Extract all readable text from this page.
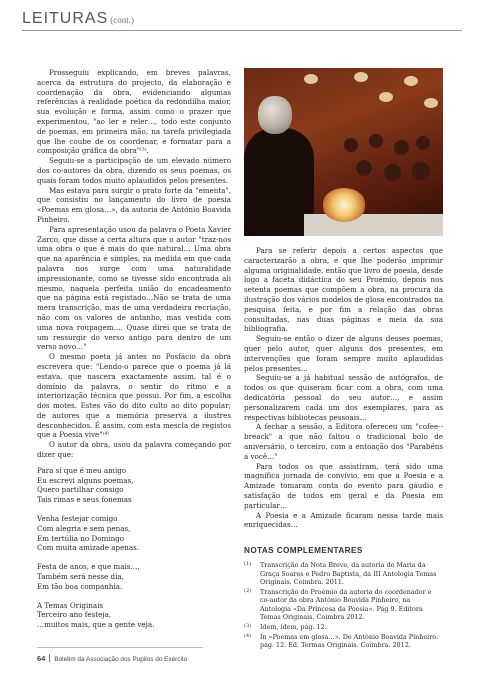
LEITURAS (cont.)

Prosseguiu explicando, em breves palavras, acerca da estrutura do projecto, da elaboração e coordenação da obra, evidenciando algumas referências à realidade poética da redondilha maior, sua evolução e forma, assim como o prazer que experimentou, "ao ler e reler…, todo este conjunto de poemas, em primeira mão, na tarefa privilegiada que lhe coube de os coordenar, e formatar para a composição gráfica da obra"⁽³⁾.

Seguiu-se a participação de um elevado número dos co-autores da obra, dizendo os seus poemas, os quais foram todos muito aplaudidos pelos presentes.

Mas estava para surgir o prato forte da "ementa", que consistiu no lançamento do livro de poesia «Poemas em glosa…», da autoria de António Boavida Pinheiro.

Para apresentação usou da palavra o Poeta Xavier Zarco, que disse a certa altura que o autor "traz-nos uma obra o que é mais do que natural… Uma obra que na aparência é simples, na medida em que cada palavra nos surge com uma naturalidade impressionante, como se tivesse sido encontrada ali mesmo, naquela perfeita união do encadeamento que na página está registado…Não se trata de uma mera transcrição, mas de uma verdadeira recriação, não com os valores de antanho, mas vestida com uma nova roupagem…. Quase direi que se trata de um ressurgir do verso antigo para dentro de um verso novo…"

O mesmo poeta já antes no Posfácio da obra escrevera que: "Lendo-o parece que o poema já lá estava, que nascera exactamente assim, tal é o domínio da palavra, o sentir do ritmo e a interiorização técnica que possui. Por fim, a escolha dos motes. Estes vão do dito culto ao dito popular; de autores que a memória preserva a ilustres desconhecidos. É assim, com esta mescla de registos que a Poesia vive"⁽⁴⁾

O autor da obra, usou da palavra começando por dizer que:

Para si que é meu amigo
Eu escrevi alguns poemas,
Quero partilhar consigo
Tais rimas e seus fonemas
Venha festejar comigo
Com alegria e sem penas,
Em tertúlia no Domingo
Com muita amizade apenas.
Festa de anos, e que mais…,
Também será nesse dia,
Em tão boa companhia.
A Temas Originais
Terceiro ano festeja,
…muitos mais, que a gente veja.

Para se referir depois a certos aspectos que caracterizarão a obra, e que lhe poderão imprimir alguma originalidade, então que livro de poesia, desde logo a faceta didáctica do seu Proémio, depois nos setenta poemas que compõem a obra, na procura da ilustração dos vários modelos de glosa encontrados na pesquisa feita, e por fim a relação das obras consultadas, nas duas páginas e meia da sua bibliografia.

Seguiu-se então o dizer de alguns desses poemas, quer pelo autor, quer alguns dos presentes, em intervenções que foram sempre muito aplaudidas pelos presentes…

Seguiu-se a já habitual sessão de autógrafos, de todos os que quiseram ficar com a obra, com uma dedicatória pessoal do seu autor…, e assim personalizarem cada um dos exemplares, para as respectivas bibliotecas pessoais…

A fechar a sessão, a Editora ofereceu um "cofee--breack" a que não faltou o tradicional bolo de aniversário, o terceiro, com a entoação dos "Parabéns a você…"

Para todos os que assistiram, terá sido uma magnífica jornada de convívio, em que a Poesia e a Amizade tomaram conta do evento para gáudio e satisfação de todos em geral e da Poesia em particular…

A Poesia e a Amizade ficaram nessa tarde mais enriquecidas…

NOTAS COMPLEMENTARES
(1) Transcrição da Nota Breve, da autoria de Maria da Graça Soares e Pedro Baptista, da III Antologia Temas Originais. Coimbra. 2011.
(2) Transcrição do Proémio da autoria do coordenador e co-autor da obra António Boavida Pinheiro, na Antologia «Da Princesa da Poesia». Pág 9. Editora Temas Originais. Coimbra 2012.
(3) Idem, idem, pág. 12.
(4) In «Poemas em glosa…». De António Boavida Pinheiro. pág. 12. Ed. Termas Originais. Coimbra. 2012.
64 Boletim da Associação dos Pupilos do Exército
